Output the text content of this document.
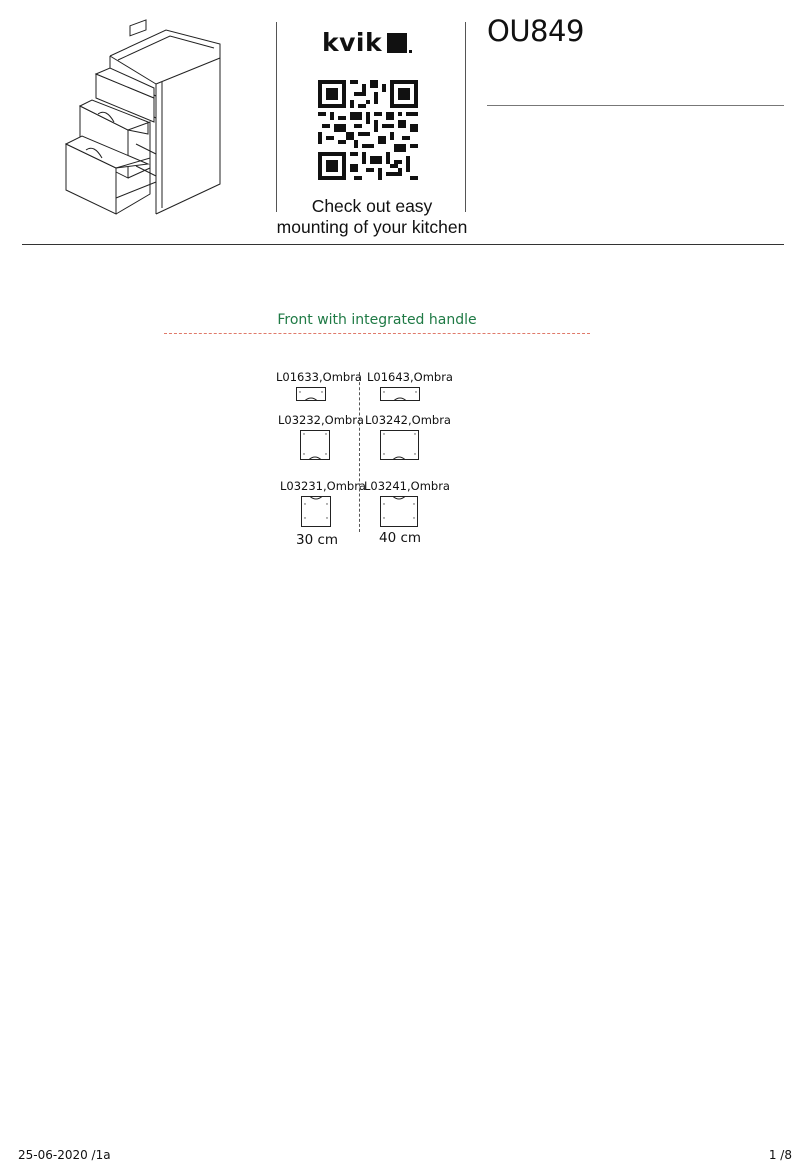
kvik
Check out easy
mounting of your kitchen
OU849
Front with integrated handle
L01633,Ombra
L03232,Ombra
L03231,Ombra
30 cm
L01643,Ombra
L03242,Ombra
L03241,Ombra
40 cm
25-06-2020 /1a	1 /8
